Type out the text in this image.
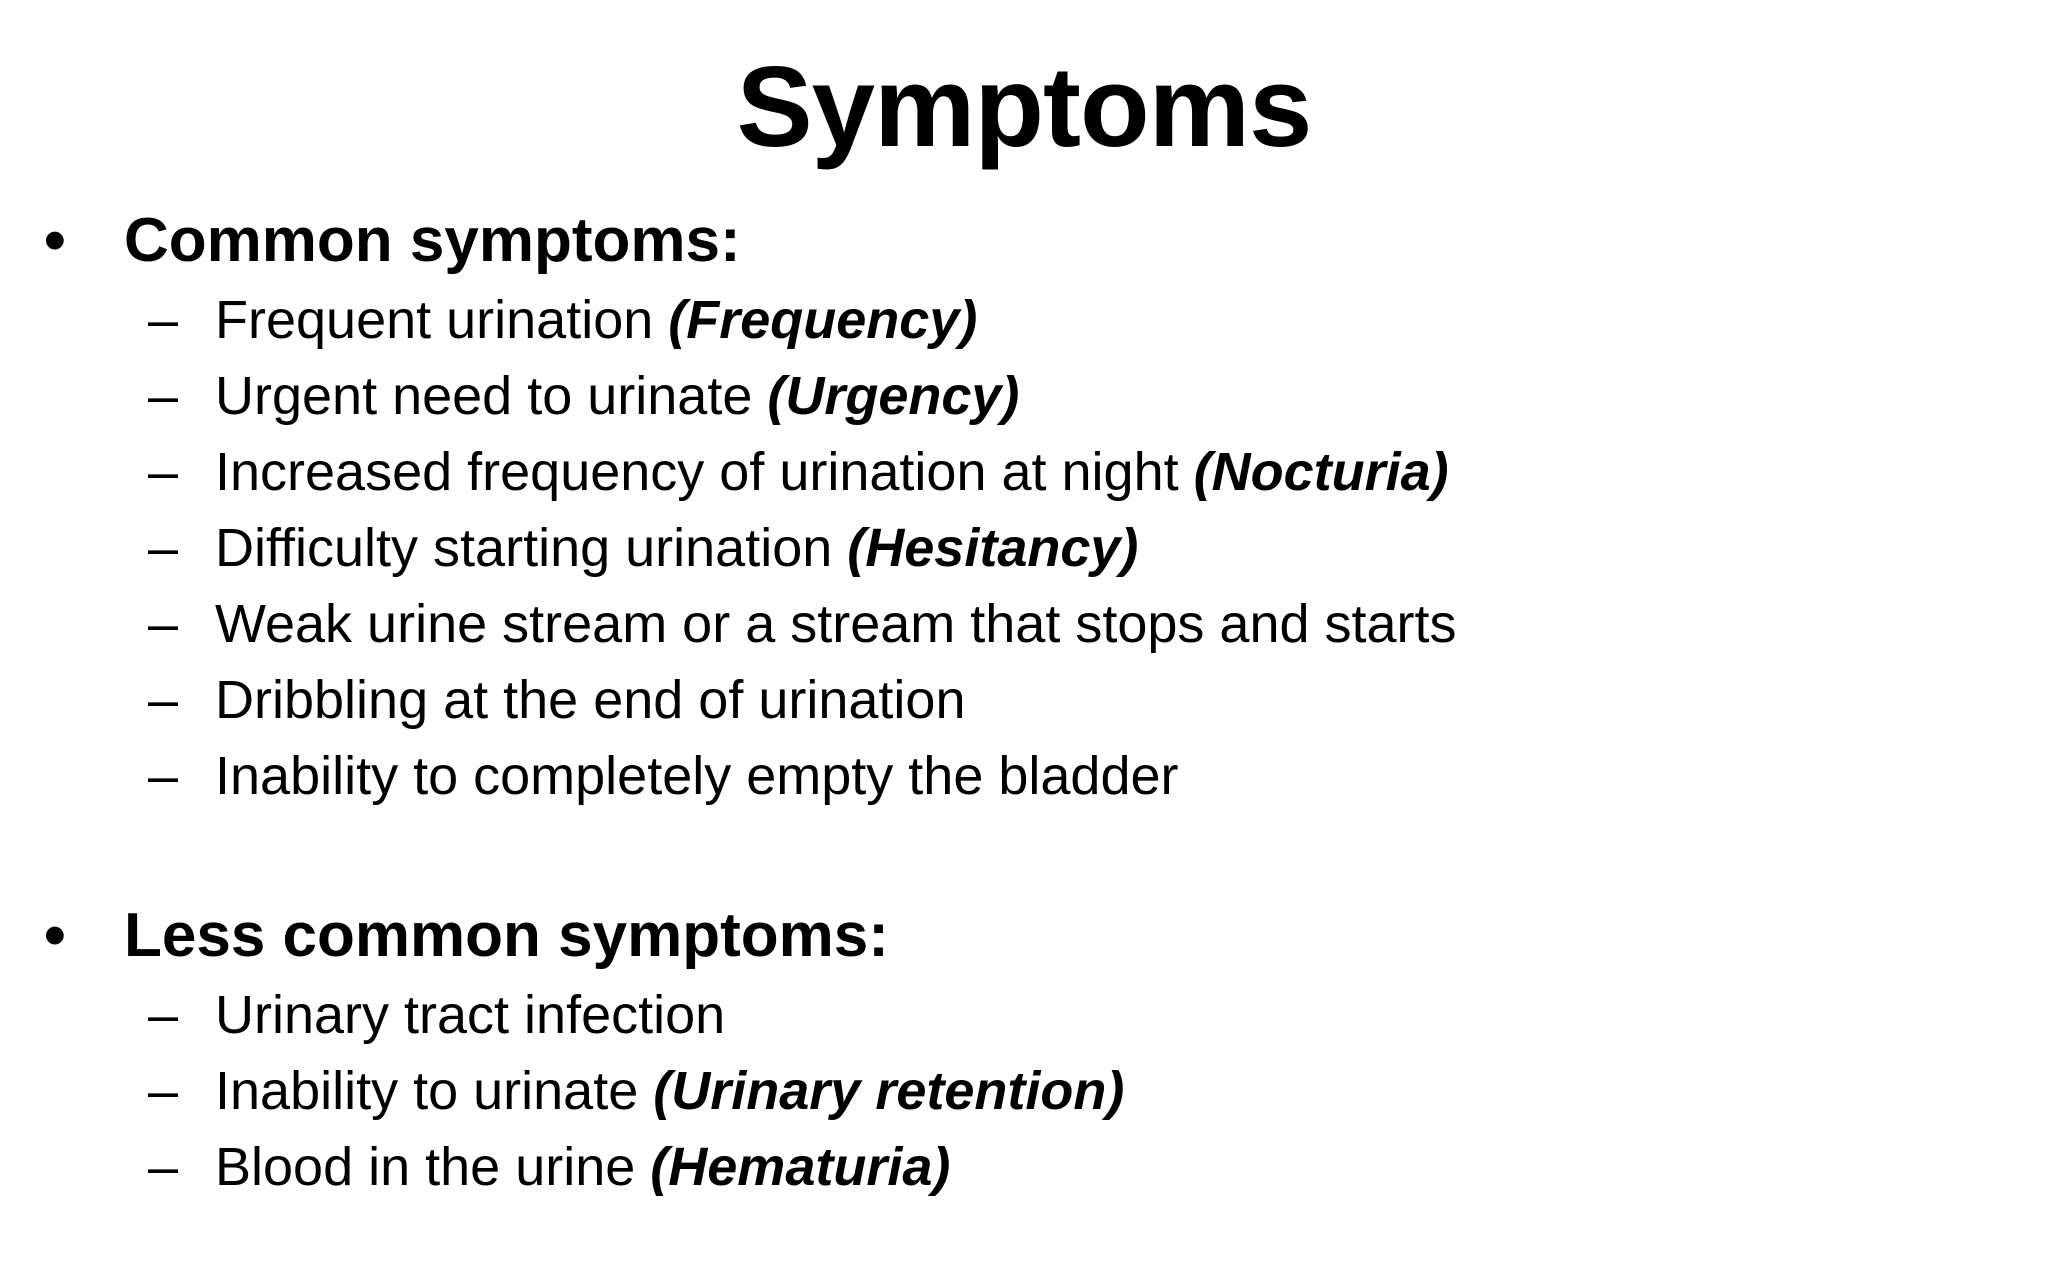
Symptoms
• Common symptoms:
– Frequent urination (Frequency)
– Urgent need to urinate (Urgency)
– Increased frequency of urination at night (Nocturia)
– Difficulty starting urination (Hesitancy)
– Weak urine stream or a stream that stops and starts
– Dribbling at the end of urination
– Inability to completely empty the bladder
• Less common symptoms:
– Urinary tract infection
– Inability to urinate (Urinary retention)
– Blood in the urine (Hematuria)
